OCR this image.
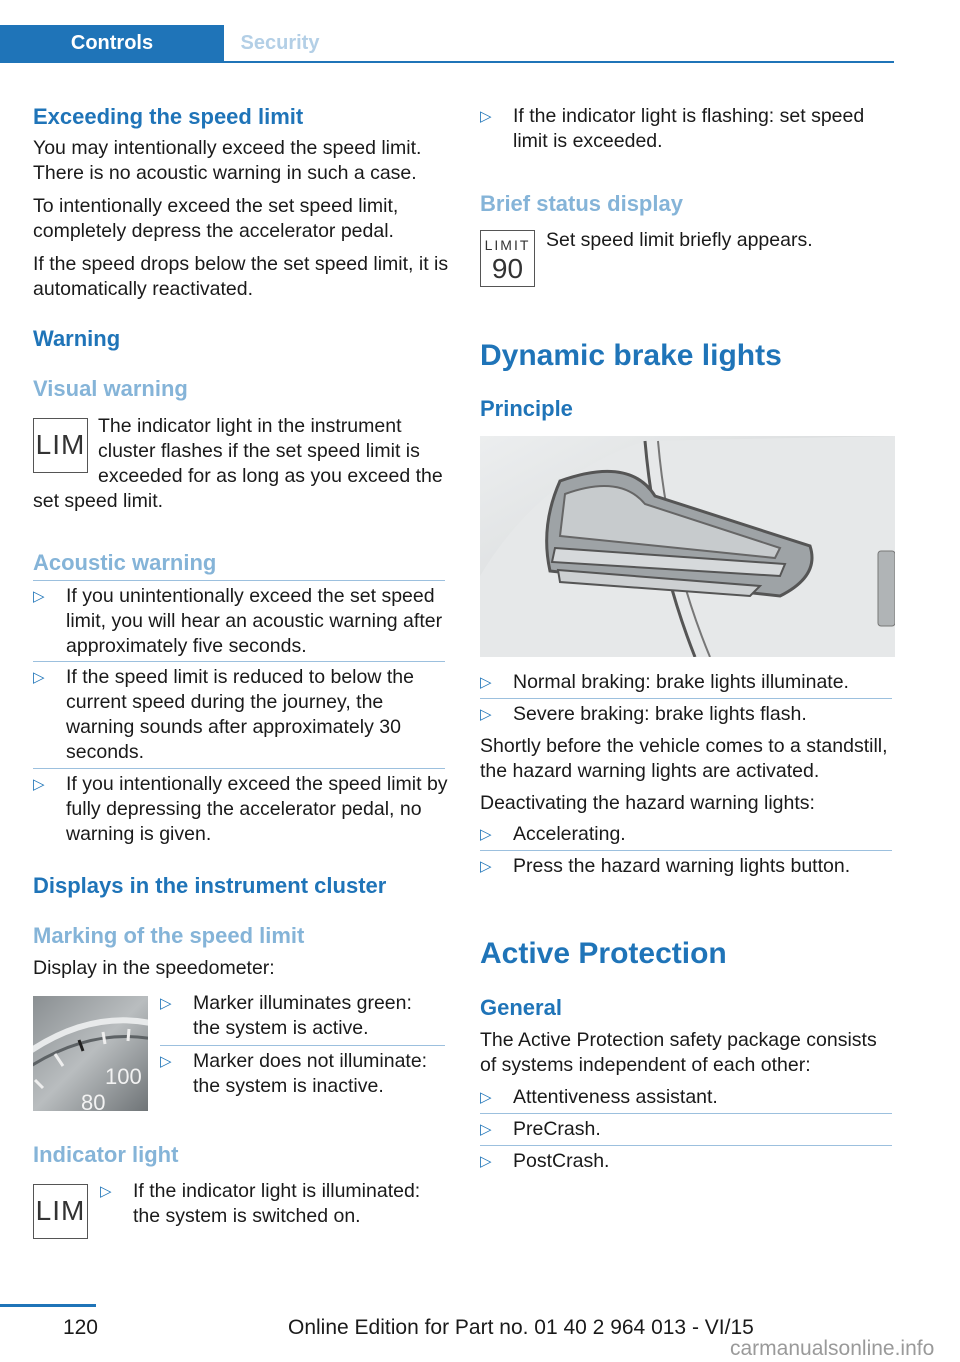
Controls	Security
Exceeding the speed limit
You may intentionally exceed the speed limit. There is no acoustic warning in such a case.
To intentionally exceed the set speed limit, completely depress the accelerator pedal.
If the speed drops below the set speed limit, it is automatically reactivated.
Warning
Visual warning
LIM
The indicator light in the instrument cluster flashes if the set speed limit is exceeded for as long as you exceed the
set speed limit.
Acoustic warning
▷ If you unintentionally exceed the set speed limit, you will hear an acoustic warning after approximately five seconds.
▷ If the speed limit is reduced to below the current speed during the journey, the warning sounds after approximately 30 seconds.
▷ If you intentionally exceed the speed limit by fully depressing the accelerator pedal, no warning is given.
Displays in the instrument cluster
Marking of the speed limit
Display in the speedometer:
100
80
▷ Marker illuminates green: the system is active.
▷ Marker does not illuminate: the system is inactive.
Indicator light
LIM
▷ If the indicator light is illuminated: the system is switched on.
▷ If the indicator light is flashing: set speed limit is exceeded.
Brief status display
LIMIT
90
Set speed limit briefly appears.
Dynamic brake lights
Principle
▷ Normal braking: brake lights illuminate.
▷ Severe braking: brake lights flash.
Shortly before the vehicle comes to a standstill, the hazard warning lights are activated.
Deactivating the hazard warning lights:
▷ Accelerating.
▷ Press the hazard warning lights button.
Active Protection
General
The Active Protection safety package consists of systems independent of each other:
▷ Attentiveness assistant.
▷ PreCrash.
▷ PostCrash.
120	Online Edition for Part no. 01 40 2 964 013 - VI/15
carmanualsonline.info
